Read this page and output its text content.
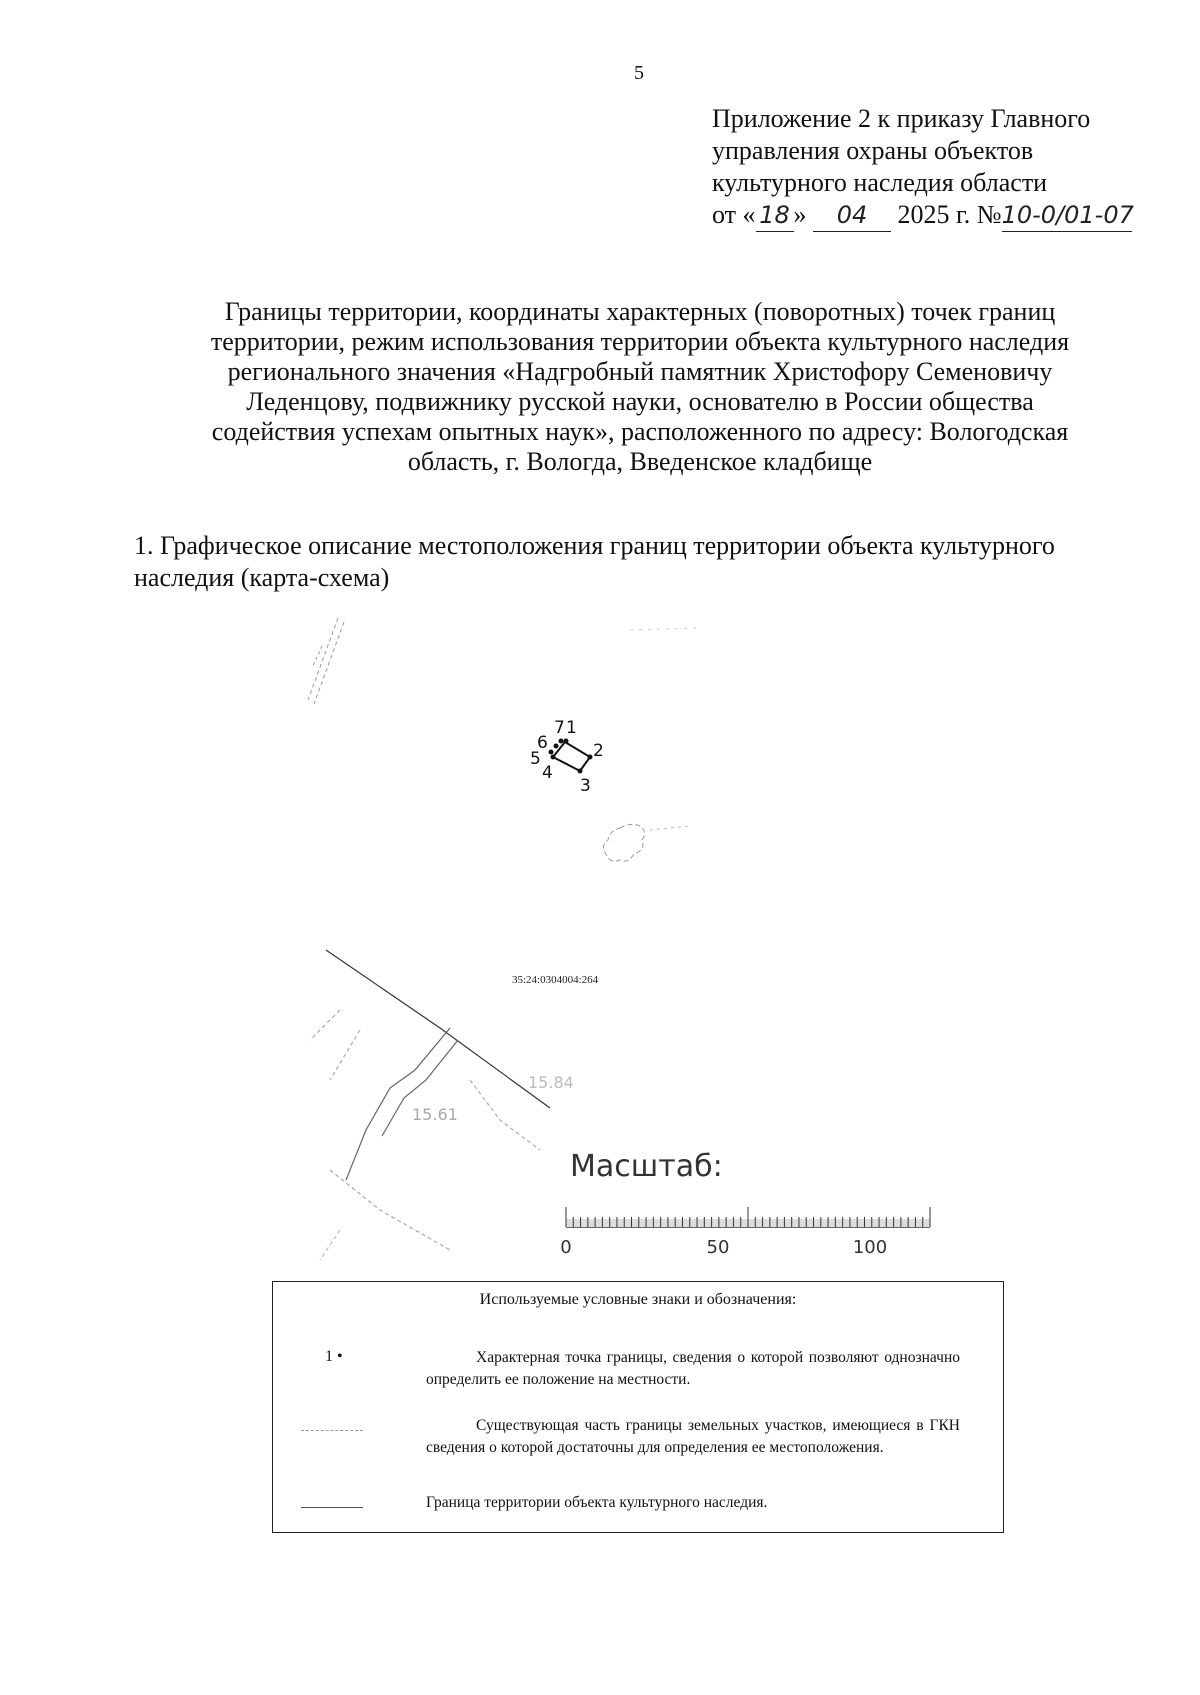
5
Приложение 2 к приказу Главного
управления охраны объектов
культурного наследия области
от « 18 » 04 2025 г. №10-0/01-07
Границы территории, координаты характерных (поворотных) точек границ
территории, режим использования территории объекта культурного наследия
регионального значения «Надгробный памятник Христофору Семеновичу
Леденцову, подвижнику русской науки, основателю в России общества
содействия успехам опытных наук», расположенного по адресу: Вологодская
область, г. Вологда, Введенское кладбище
1. Графическое описание местоположения границ территории объекта культурного наследия (карта-схема)
1
2
3
4
5
6
7
35:24:0304004:264
15.84
15.61
Масштаб:
0	50	100
Используемые условные знаки и обозначения:
1 •	Характерная точка границы, сведения о которой позволяют однозначно определить ее положение на местности.
Существующая часть границы земельных участков, имеющиеся в ГКН сведения о которой достаточны для определения ее местоположения.
Граница территории объекта культурного наследия.
